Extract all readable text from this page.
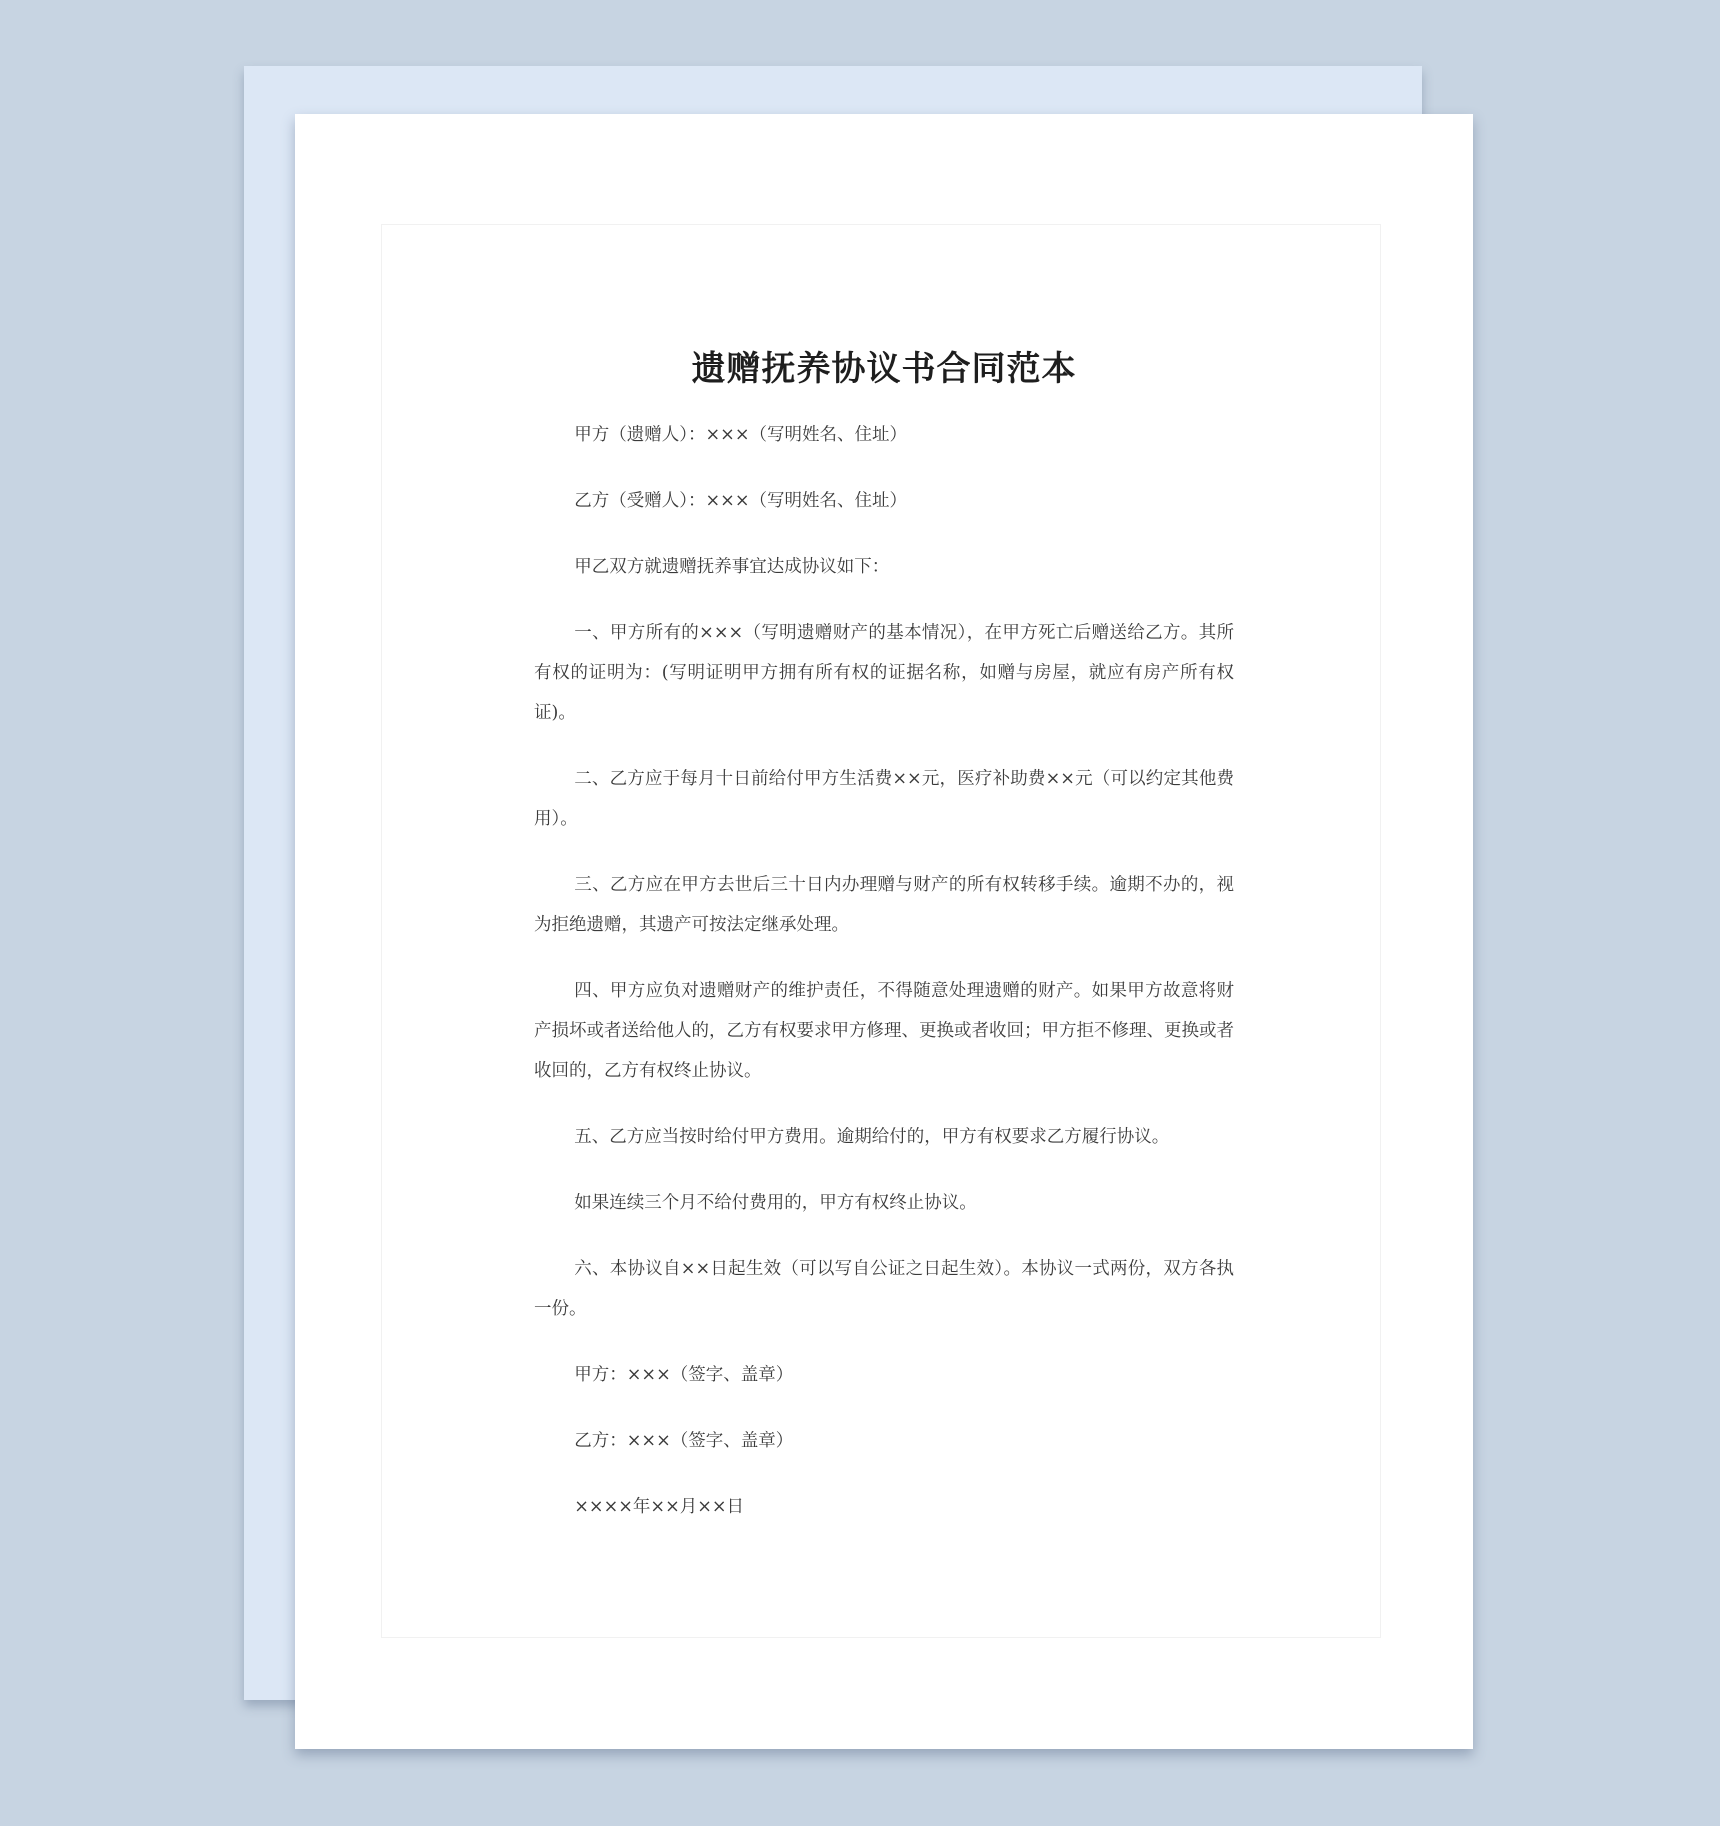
遗赠抚养协议书合同范本

甲方（遗赠人）：×××（写明姓名、住址）

乙方（受赠人）：×××（写明姓名、住址）

甲乙双方就遗赠抚养事宜达成协议如下：

一、甲方所有的×××（写明遗赠财产的基本情况），在甲方死亡后赠送给乙方。其所有权的证明为：(写明证明甲方拥有所有权的证据名称，如赠与房屋，就应有房产所有权证)。

二、乙方应于每月十日前给付甲方生活费××元，医疗补助费××元（可以约定其他费用）。

三、乙方应在甲方去世后三十日内办理赠与财产的所有权转移手续。逾期不办的，视为拒绝遗赠，其遗产可按法定继承处理。

四、甲方应负对遗赠财产的维护责任，不得随意处理遗赠的财产。如果甲方故意将财产损坏或者送给他人的，乙方有权要求甲方修理、更换或者收回；甲方拒不修理、更换或者收回的，乙方有权终止协议。

五、乙方应当按时给付甲方费用。逾期给付的，甲方有权要求乙方履行协议。

如果连续三个月不给付费用的，甲方有权终止协议。

六、本协议自××日起生效（可以写自公证之日起生效）。本协议一式两份，双方各执一份。

甲方：×××（签字、盖章）

乙方：×××（签字、盖章）

××××年××月××日
